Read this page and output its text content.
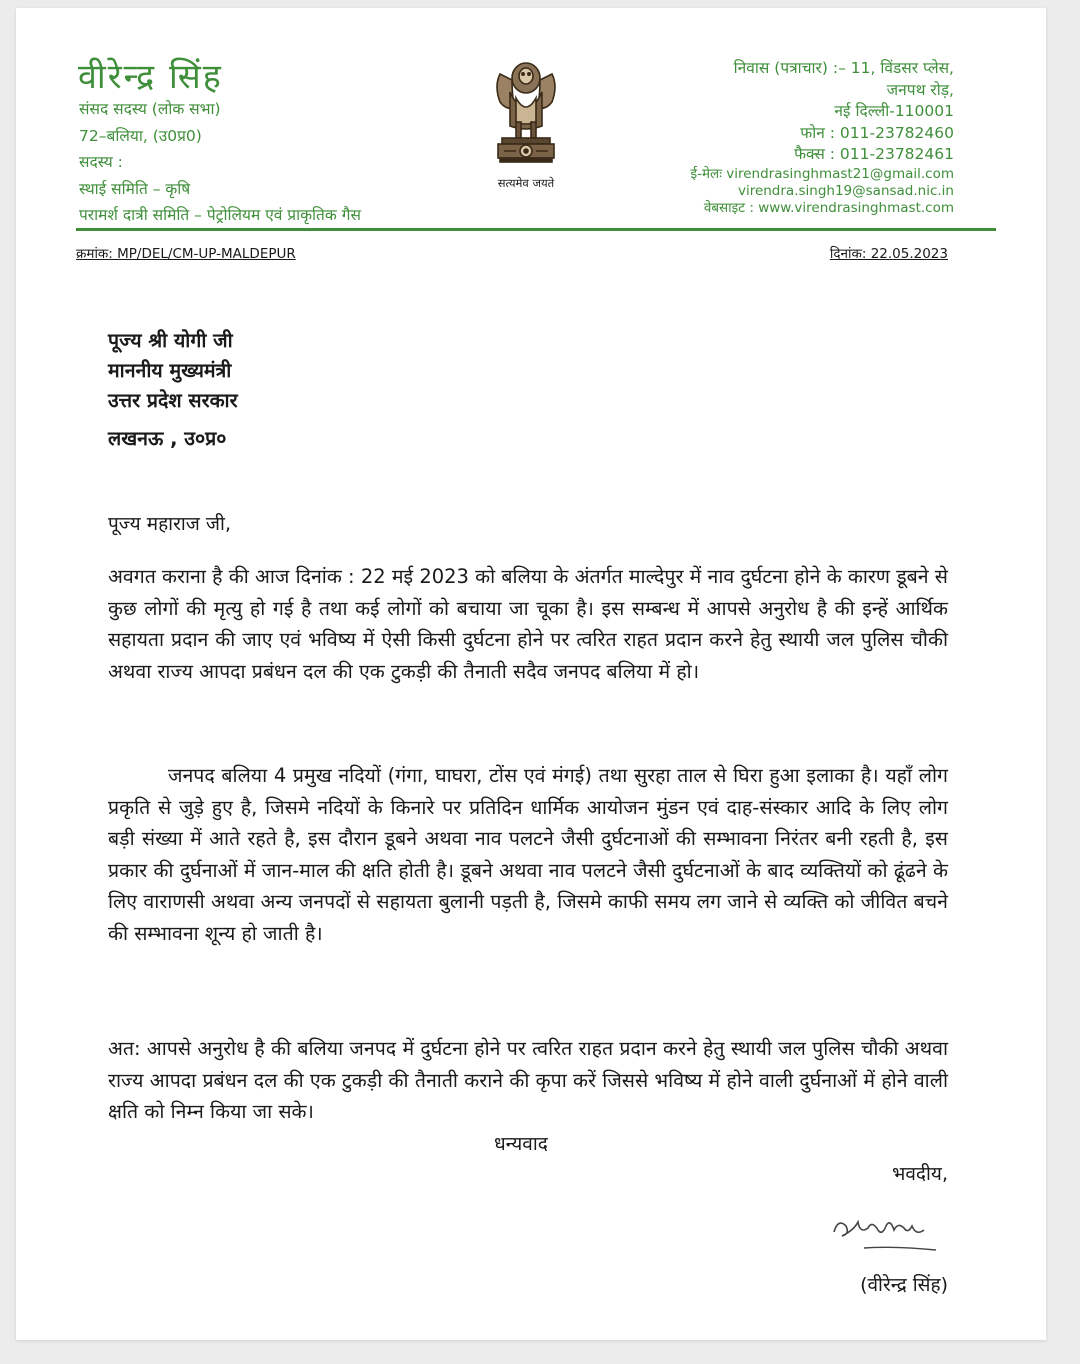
वीरेन्द्र सिंह
संसद सदस्य (लोक सभा)
72–बलिया, (उ0प्र0)
सदस्य :
स्थाई समिति – कृषि
परामर्श दात्री समिति – पेट्रोलियम एवं प्राकृतिक गैस
सत्यमेव जयते
निवास (पत्राचार) :– 11, विंडसर प्लेस,
जनपथ रोड़,
नई दिल्ली-110001
फोन : 011-23782460
फैक्स : 011-23782461
ई-मेलः virendrasinghmast21@gmail.com
virendra.singh19@sansad.nic.in
वेबसाइट : www.virendrasinghmast.com
क्रमांक: MP/DEL/CM-UP-MALDEPUR	दिनांक: 22.05.2023
पूज्य श्री योगी जी
माननीय मुख्यमंत्री
उत्तर प्रदेश सरकार
लखनऊ , उ०प्र०
पूज्य महाराज जी,
अवगत कराना है की आज दिनांक : 22 मई 2023 को बलिया के अंतर्गत माल्देपुर में नाव दुर्घटना होने के कारण डूबने से कुछ लोगों की मृत्यु हो गई है तथा कई लोगों को बचाया जा चूका है। इस सम्बन्ध में आपसे अनुरोध है की इन्हें आर्थिक सहायता प्रदान की जाए एवं भविष्य में ऐसी किसी दुर्घटना होने पर त्वरित राहत प्रदान करने हेतु स्थायी जल पुलिस चौकी अथवा राज्य आपदा प्रबंधन दल की एक टुकड़ी की तैनाती सदैव जनपद बलिया में हो।
जनपद बलिया 4 प्रमुख नदियों (गंगा, घाघरा, टोंस एवं मंगई) तथा सुरहा ताल से घिरा हुआ इलाका है। यहाँ लोग प्रकृति से जुड़े हुए है, जिसमे नदियों के किनारे पर प्रतिदिन धार्मिक आयोजन मुंडन एवं दाह-संस्कार आदि के लिए लोग बड़ी संख्या में आते रहते है, इस दौरान डूबने अथवा नाव पलटने जैसी दुर्घटनाओं की सम्भावना निरंतर बनी रहती है, इस प्रकार की दुर्घनाओं में जान-माल की क्षति होती है। डूबने अथवा नाव पलटने जैसी दुर्घटनाओं के बाद व्यक्तियों को ढूंढने के लिए वाराणसी अथवा अन्य जनपदों से सहायता बुलानी पड़ती है, जिसमे काफी समय लग जाने से व्यक्ति को जीवित बचने की सम्भावना शून्य हो जाती है।
अत: आपसे अनुरोध है की बलिया जनपद में दुर्घटना होने पर त्वरित राहत प्रदान करने हेतु स्थायी जल पुलिस चौकी अथवा राज्य आपदा प्रबंधन दल की एक टुकड़ी की तैनाती कराने की कृपा करें जिससे भविष्य में होने वाली दुर्घनाओं में होने वाली क्षति को निम्न किया जा सके।
धन्यवाद
भवदीय,
(वीरेन्द्र सिंह)
